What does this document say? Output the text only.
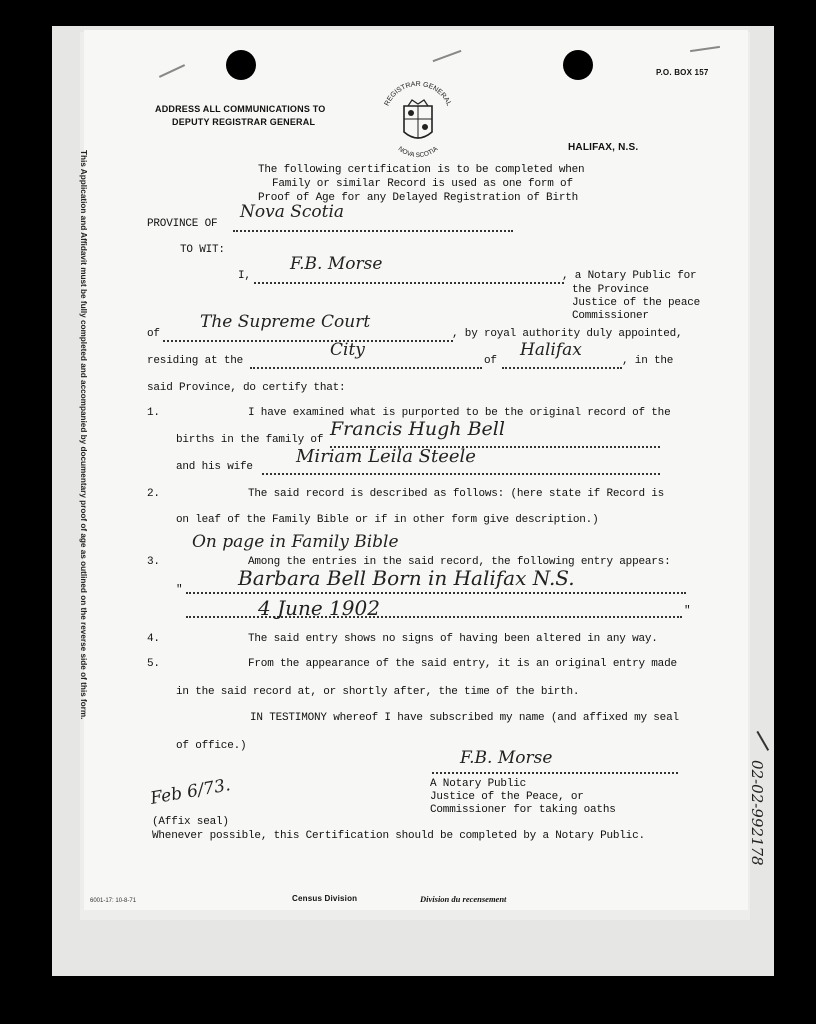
This Application and Affidavit must be fully completed and accompanied by documentary proof of age as outlined on the reverse side of this form.
ADDRESS ALL COMMUNICATIONS TO
DEPUTY REGISTRAR GENERAL
P.O. BOX 157
HALIFAX, N.S.
REGISTRAR GENERAL
NOVA SCOTIA
The following certification is to be completed when
Family or similar Record is used as one form of
Proof of Age for any Delayed Registration of Birth
PROVINCE OF
Nova Scotia
TO WIT:
I,
F.B. Morse
, a Notary Public for
the Province
Justice of the peace
Commissioner
of
The Supreme Court
, by royal authority duly appointed,
residing at the
City
of
Halifax
, in the
said Province, do certify that:
1.	I have examined what is purported to be the original record of the
births in the family of Francis Hugh Bell
and his wife Miriam Leila Steele
2.	The said record is described as follows: (here state if Record is
on leaf of the Family Bible or if in other form give description.)
On page in Family Bible
3.	Among the entries in the said record, the following entry appears:
"	Barbara Bell Born in Halifax N.S.
4 June 1902	"
4.	The said entry shows no signs of having been altered in any way.
5.	From the appearance of the said entry, it is an original entry made
in the said record at, or shortly after, the time of the birth.
IN TESTIMONY whereof I have subscribed my name (and affixed my seal
of office.)
F.B. Morse
Feb 6/73.	A Notary Public
Justice of the Peace, or
Commissioner for taking oaths
(Affix seal)
Whenever possible, this Certification should be completed by a Notary Public.
6001-17: 10-8-71	Census Division	Division du recensement
02-02-992178
